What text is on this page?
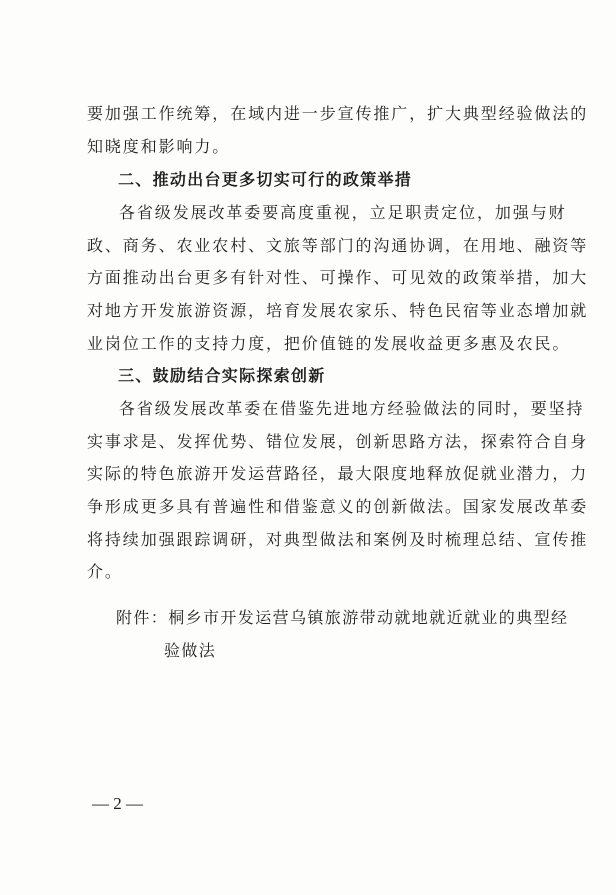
要加强工作统筹，在域内进一步宣传推广，扩大典型经验做法的
知晓度和影响力。
二、推动出台更多切实可行的政策举措
各省级发展改革委要高度重视，立足职责定位，加强与财
政、商务、农业农村、文旅等部门的沟通协调，在用地、融资等
方面推动出台更多有针对性、可操作、可见效的政策举措，加大
对地方开发旅游资源，培育发展农家乐、特色民宿等业态增加就
业岗位工作的支持力度，把价值链的发展收益更多惠及农民。
三、鼓励结合实际探索创新
各省级发展改革委在借鉴先进地方经验做法的同时，要坚持
实事求是、发挥优势、错位发展，创新思路方法，探索符合自身
实际的特色旅游开发运营路径，最大限度地释放促就业潜力，力
争形成更多具有普遍性和借鉴意义的创新做法。国家发展改革委
将持续加强跟踪调研，对典型做法和案例及时梳理总结、宣传推
介。
附件：桐乡市开发运营乌镇旅游带动就地就近就业的典型经
验做法
— 2 —
